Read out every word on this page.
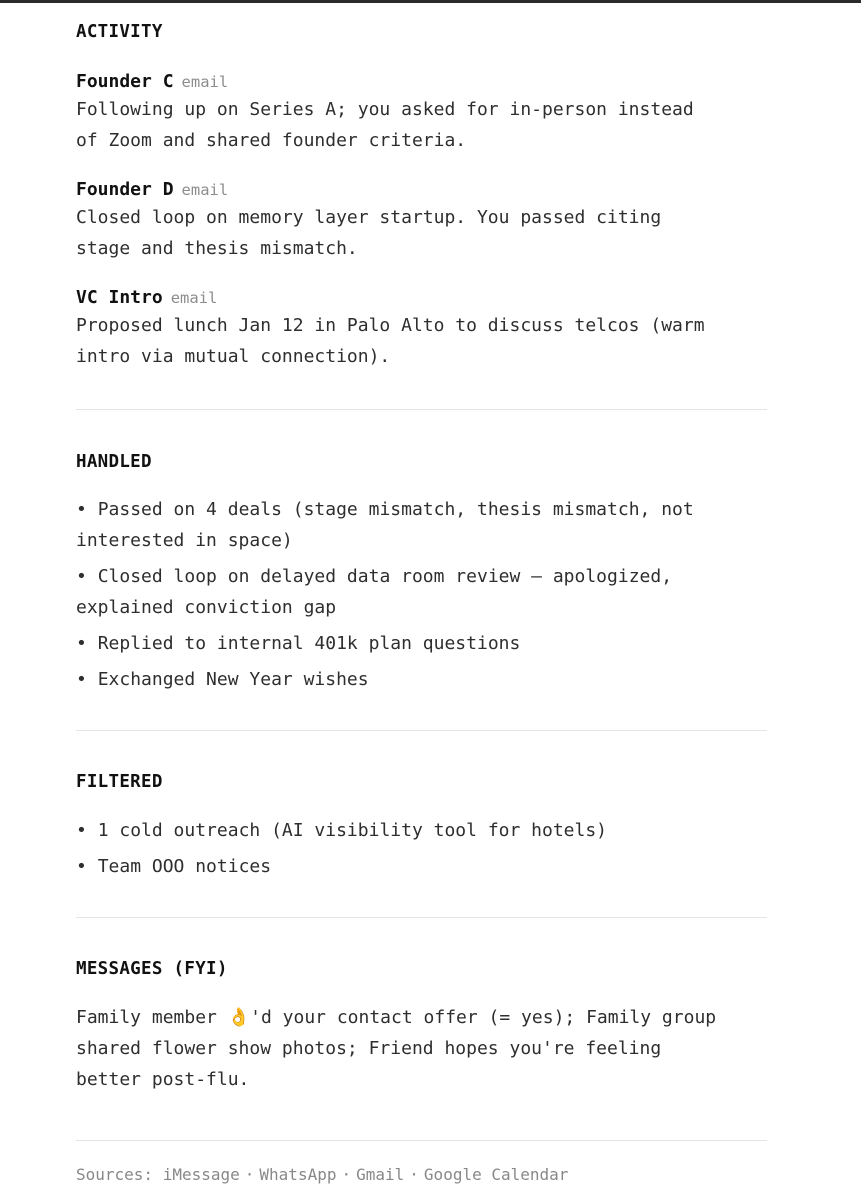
ACTIVITY
Founder C email
Following up on Series A; you asked for in-person instead
of Zoom and shared founder criteria.
Founder D email
Closed loop on memory layer startup. You passed citing
stage and thesis mismatch.
VC Intro email
Proposed lunch Jan 12 in Palo Alto to discuss telcos (warm
intro via mutual connection).
HANDLED
• Passed on 4 deals (stage mismatch, thesis mismatch, not
interested in space)
• Closed loop on delayed data room review — apologized,
explained conviction gap
• Replied to internal 401k plan questions
• Exchanged New Year wishes
FILTERED
• 1 cold outreach (AI visibility tool for hotels)
• Team OOO notices
MESSAGES (FYI)
Family member 👌'd your contact offer (= yes); Family group
shared flower show photos; Friend hopes you're feeling
better post-flu.
Sources: iMessage · WhatsApp · Gmail · Google Calendar
